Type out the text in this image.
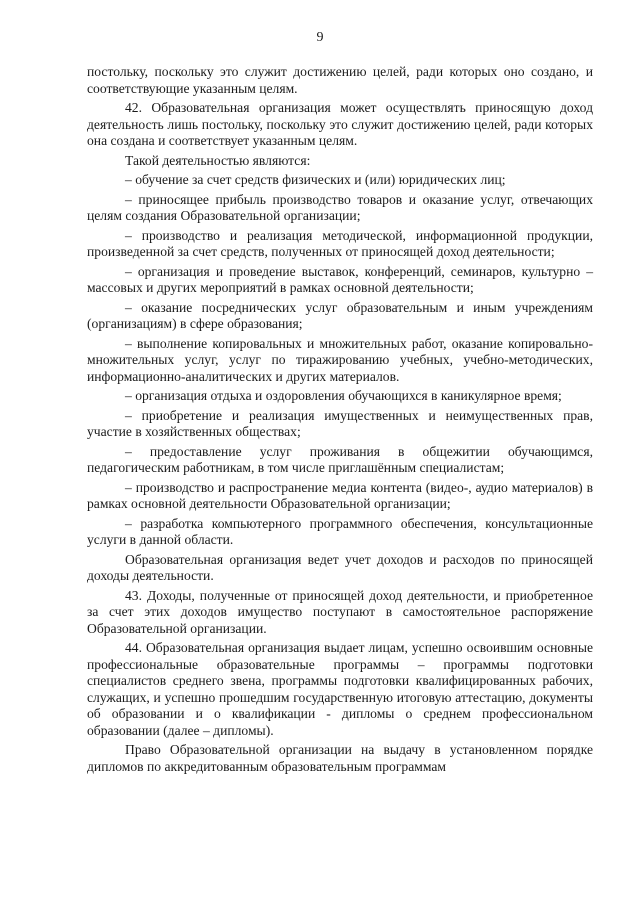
9

постольку, поскольку это служит достижению целей, ради которых оно создано, и соответствующие указанным целям.

42. Образовательная организация может осуществлять приносящую доход деятельность лишь постольку, поскольку это служит достижению целей, ради которых она создана и соответствует указанным целям.

Такой деятельностью являются:

– обучение за счет средств физических и (или) юридических лиц;

– приносящее прибыль производство товаров и оказание услуг, отвечающих целям создания Образовательной организации;

– производство и реализация методической, информационной продукции, произведенной за счет средств, полученных от приносящей доход деятельности;

– организация и проведение выставок, конференций, семинаров, культурно – массовых и других мероприятий в рамках основной деятельности;

– оказание посреднических услуг образовательным и иным учреждениям (организациям) в сфере образования;

– выполнение копировальных и множительных работ, оказание копировально-множительных услуг, услуг по тиражированию учебных, учебно-методических, информационно-аналитических и других материалов.

– организация отдыха и оздоровления обучающихся в каникулярное время;

– приобретение и реализация имущественных и неимущественных прав, участие в хозяйственных обществах;

– предоставление услуг проживания в общежитии обучающимся, педагогическим работникам, в том числе приглашённым специалистам;

– производство и распространение медиа контента (видео-, аудио материалов) в рамках основной деятельности Образовательной организации;

– разработка компьютерного программного обеспечения, консультационные услуги в данной области.

Образовательная организация ведет учет доходов и расходов по приносящей доходы деятельности.

43. Доходы, полученные от приносящей доход деятельности, и приобретенное за счет этих доходов имущество поступают в самостоятельное распоряжение Образовательной организации.

44. Образовательная организация выдает лицам, успешно освоившим основные профессиональные образовательные программы – программы подготовки специалистов среднего звена, программы подготовки квалифицированных рабочих, служащих, и успешно прошедшим государственную итоговую аттестацию, документы об образовании и о квалификации - дипломы о среднем профессиональном образовании (далее – дипломы).

Право Образовательной организации на выдачу в установленном порядке дипломов по аккредитованным образовательным программам
